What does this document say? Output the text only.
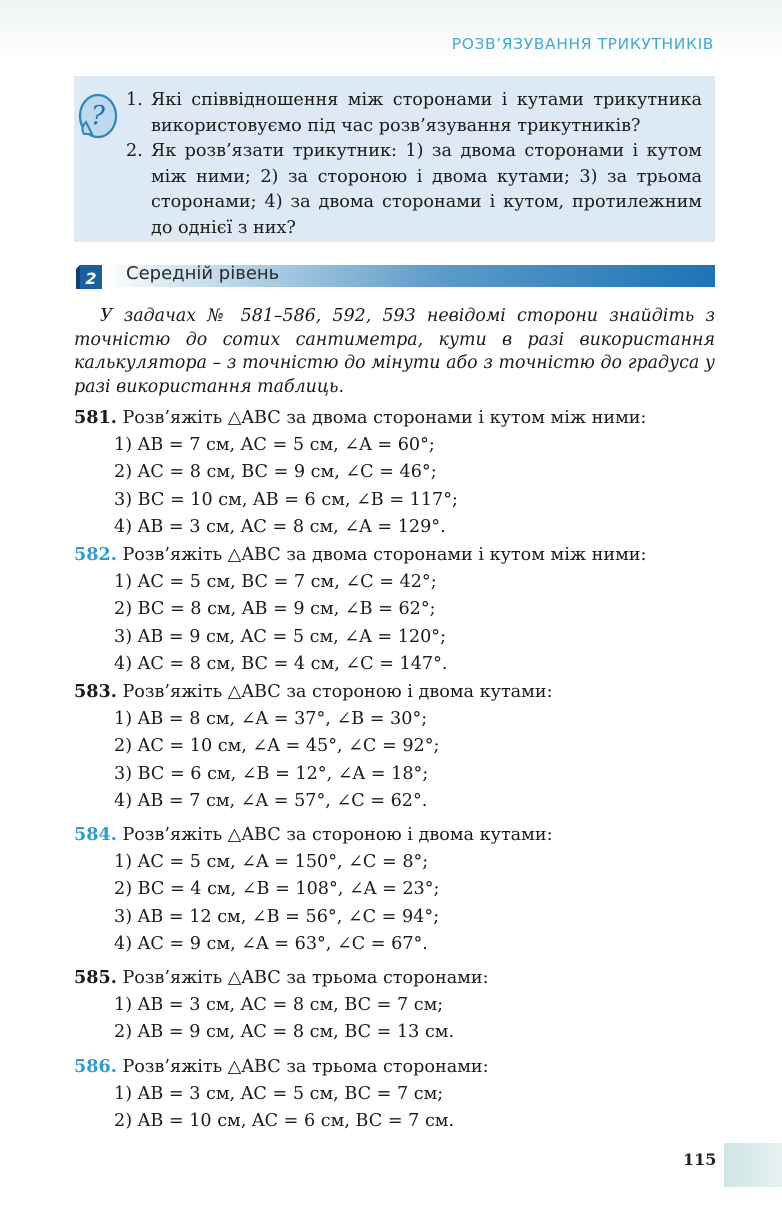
РОЗВ’ЯЗУВАННЯ ТРИКУТНИКІВ
?
1. Які співвідношення між сторонами і кутами трикутника використовуємо під час розв’язування трикутників?
2. Як розв’язати трикутник: 1) за двома сторонами і кутом між ними; 2) за стороною і двома кутами; 3) за трьома сторонами; 4) за двома сторонами і кутом, протилежним до однієї з них?
2 Середній рівень
У задачах № 581–586, 592, 593 невідомі сторони знайдіть з точністю до сотих сантиметра, кути в разі використання калькулятора – з точністю до мінути або з точністю до градуса у разі використання таблиць.
581. Розв’яжіть △ABC за двома сторонами і кутом між ними:
1) AB = 7 см, AC = 5 см, ∠A = 60°;
2) AC = 8 см, BC = 9 см, ∠C = 46°;
3) BC = 10 см, AB = 6 см, ∠B = 117°;
4) AB = 3 см, AC = 8 см, ∠A = 129°.
582. Розв’яжіть △ABC за двома сторонами і кутом між ними:
1) AC = 5 см, BC = 7 см, ∠C = 42°;
2) BC = 8 см, AB = 9 см, ∠B = 62°;
3) AB = 9 см, AC = 5 см, ∠A = 120°;
4) AC = 8 см, BC = 4 см, ∠C = 147°.
583. Розв’яжіть △ABC за стороною і двома кутами:
1) AB = 8 см, ∠A = 37°, ∠B = 30°;
2) AC = 10 см, ∠A = 45°, ∠C = 92°;
3) BC = 6 см, ∠B = 12°, ∠A = 18°;
4) AB = 7 см, ∠A = 57°, ∠C = 62°.
584. Розв’яжіть △ABC за стороною і двома кутами:
1) AC = 5 см, ∠A = 150°, ∠C = 8°;
2) BC = 4 см, ∠B = 108°, ∠A = 23°;
3) AB = 12 см, ∠B = 56°, ∠C = 94°;
4) AC = 9 см, ∠A = 63°, ∠C = 67°.
585. Розв’яжіть △ABC за трьома сторонами:
1) AB = 3 см, AC = 8 см, BC = 7 см;
2) AB = 9 см, AC = 8 см, BC = 13 см.
586. Розв’яжіть △ABC за трьома сторонами:
1) AB = 3 см, AC = 5 см, BC = 7 см;
2) AB = 10 см, AC = 6 см, BC = 7 см.
115
